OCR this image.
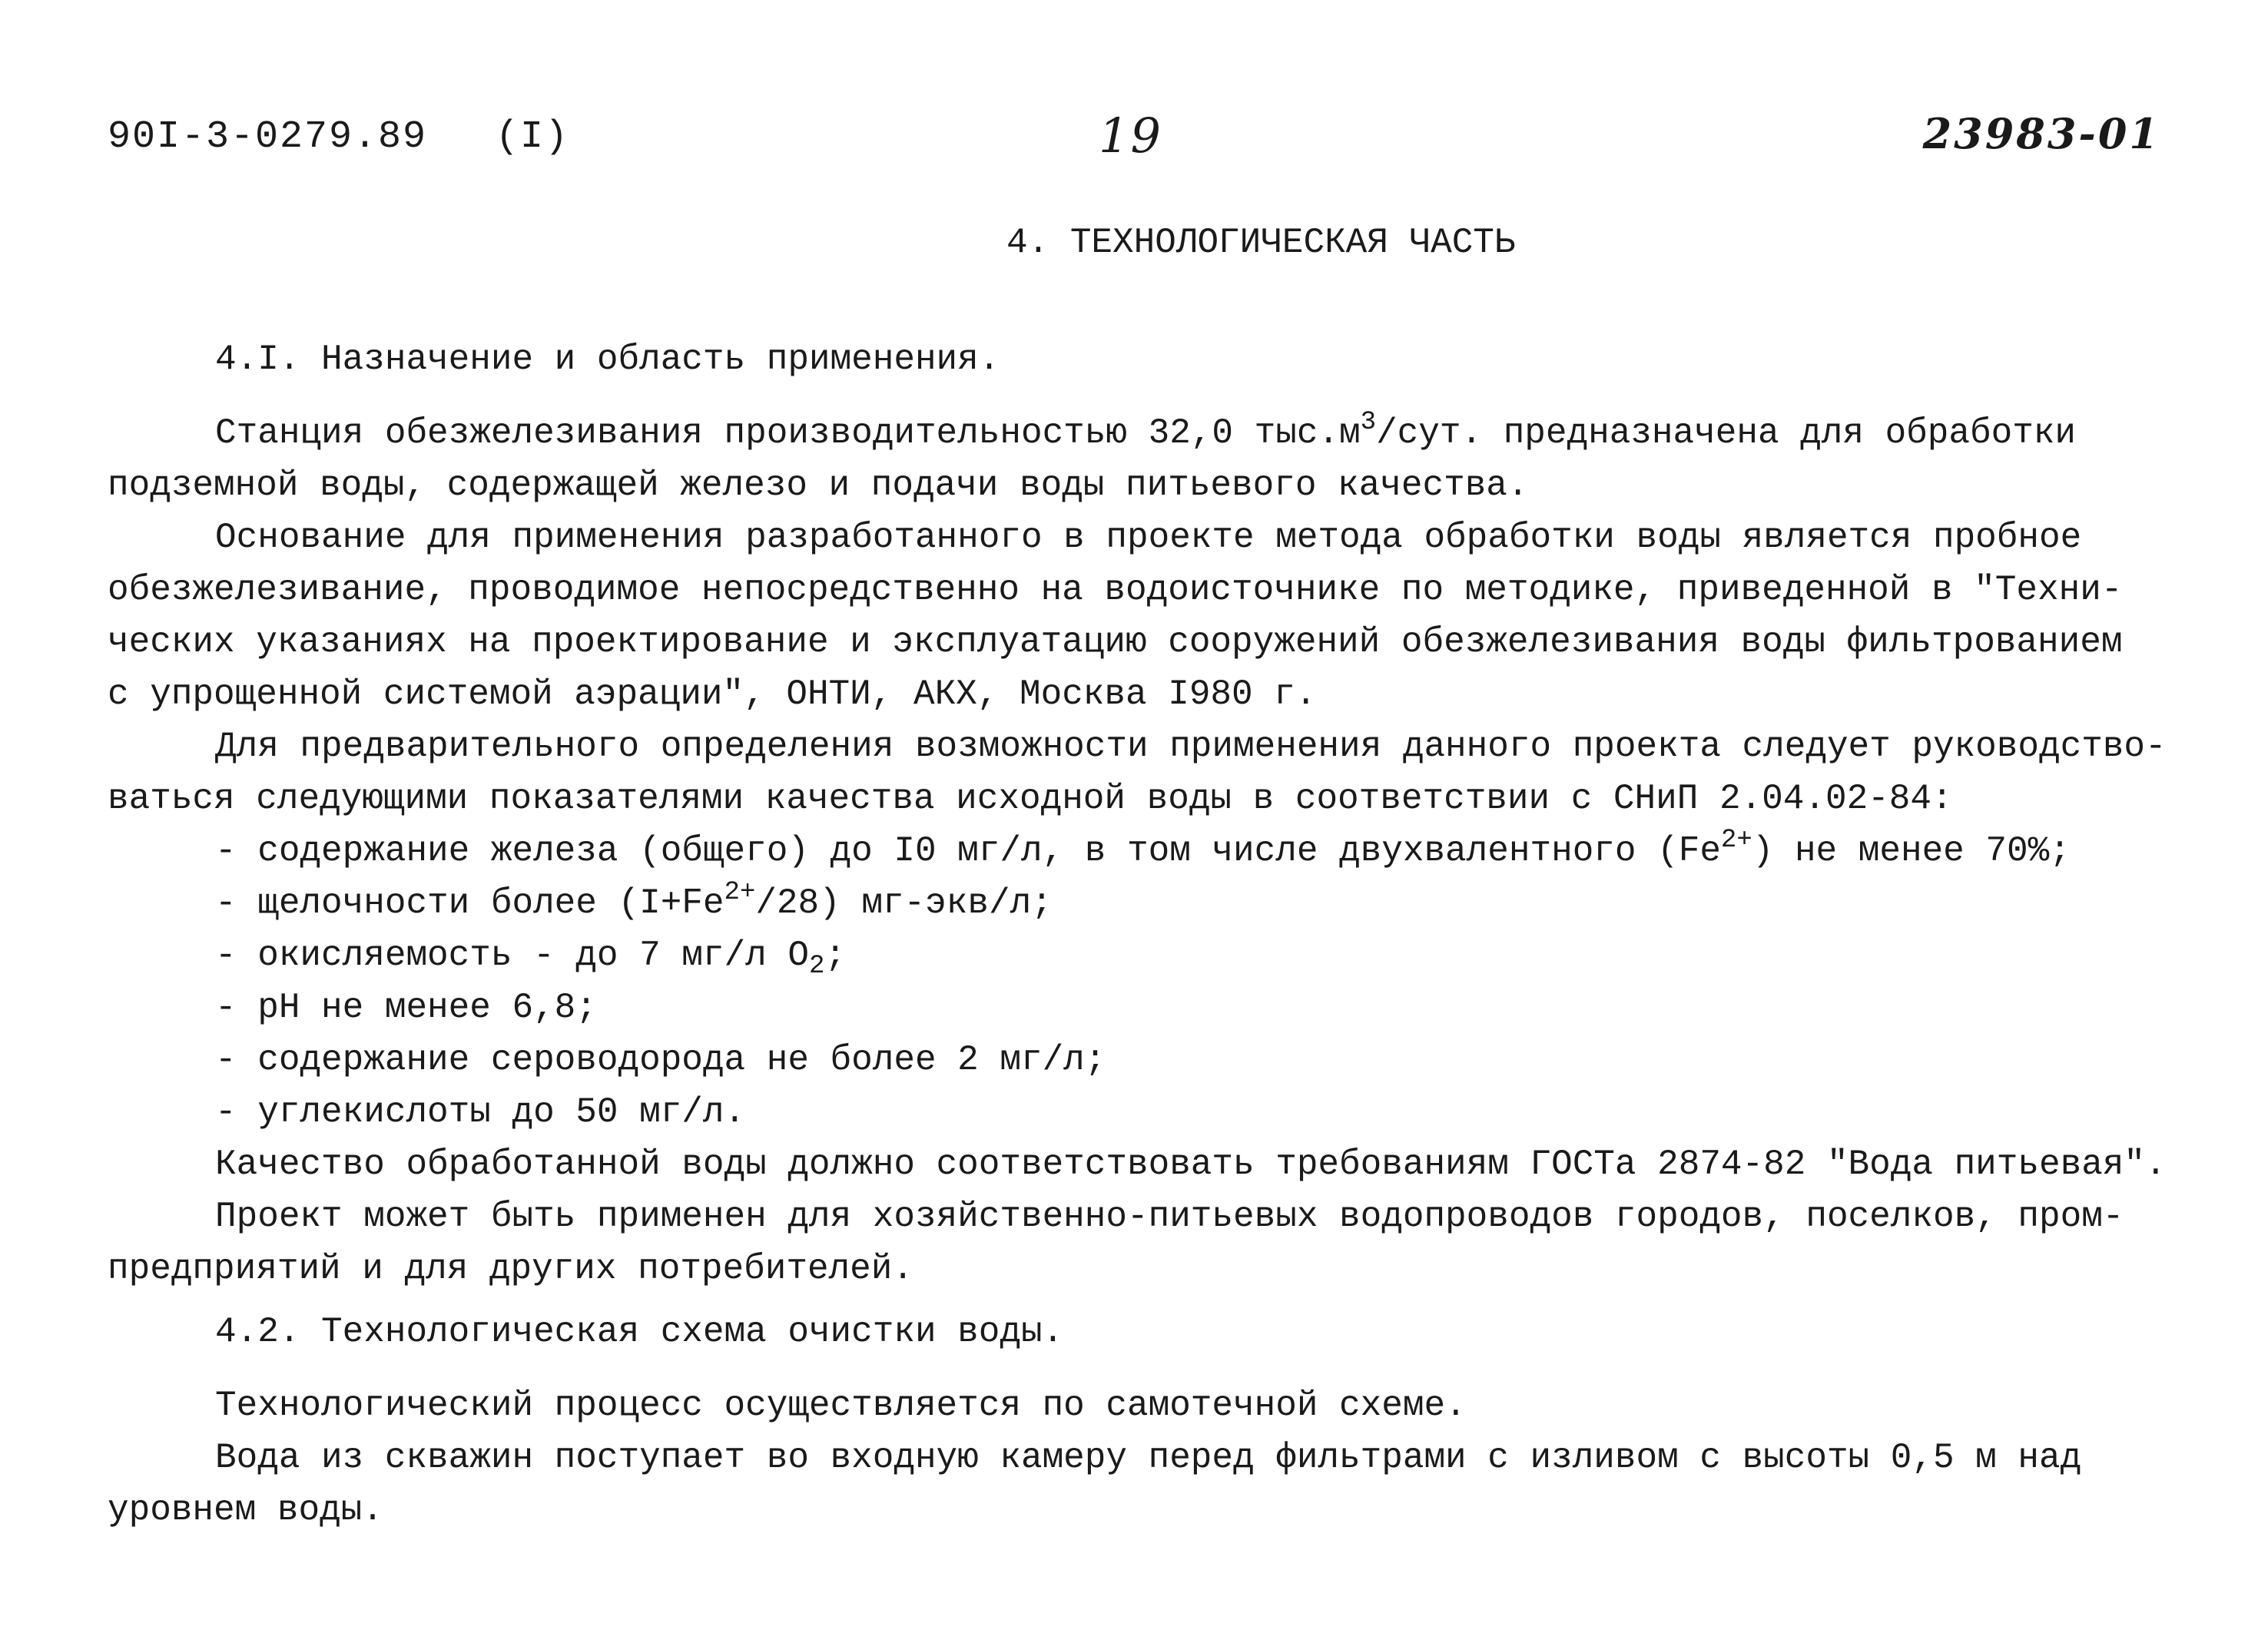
90I-3-0279.89 (I)	19	23983-01
4. ТЕХНОЛОГИЧЕСКАЯ ЧАСТЬ
4.I. Назначение и область применения.
Станция обезжелезивания производительностью 32,0 $тыс.м^3$/сут. предназначена для обработки
подземной воды, содержащей железо и подачи воды питьевого качества.
Основание для применения разработанного в проекте метода обработки воды является пробное
обезжелезивание, проводимое непосредственно на водоисточнике по методике, приведенной в "Техни-
ческих указаниях на проектирование и эксплуатацию сооружений обезжелезивания воды фильтрованием
с упрощенной системой аэрации", ОНТИ, АКХ, Москва I980 г.
Для предварительного определения возможности применения данного проекта следует руководство-
ваться следующими показателями качества исходной воды в соответствии с СНиП 2.04.02-84:
- содержание железа (общего) до I0 мг/л, в том числе двухвалентного $(Fe^{2+})$ не менее 70%;
- щелочности более $(I+Fe^{2+}/28)$ мг-экв/л;
- окисляемость - до 7 мг/л $O_2$;
- pH не менее 6,8;
- содержание сероводорода не более 2 мг/л;
- углекислоты до 50 мг/л.
Качество обработанной воды должно соответствовать требованиям ГОСТа 2874-82 "Вода питьевая".
Проект может быть применен для хозяйственно-питьевых водопроводов городов, поселков, пром-
предприятий и для других потребителей.
4.2. Технологическая схема очистки воды.
Технологический процесс осуществляется по самотечной схеме.
Вода из скважин поступает во входную камеру перед фильтрами с изливом с высоты 0,5 м над
уровнем воды.
